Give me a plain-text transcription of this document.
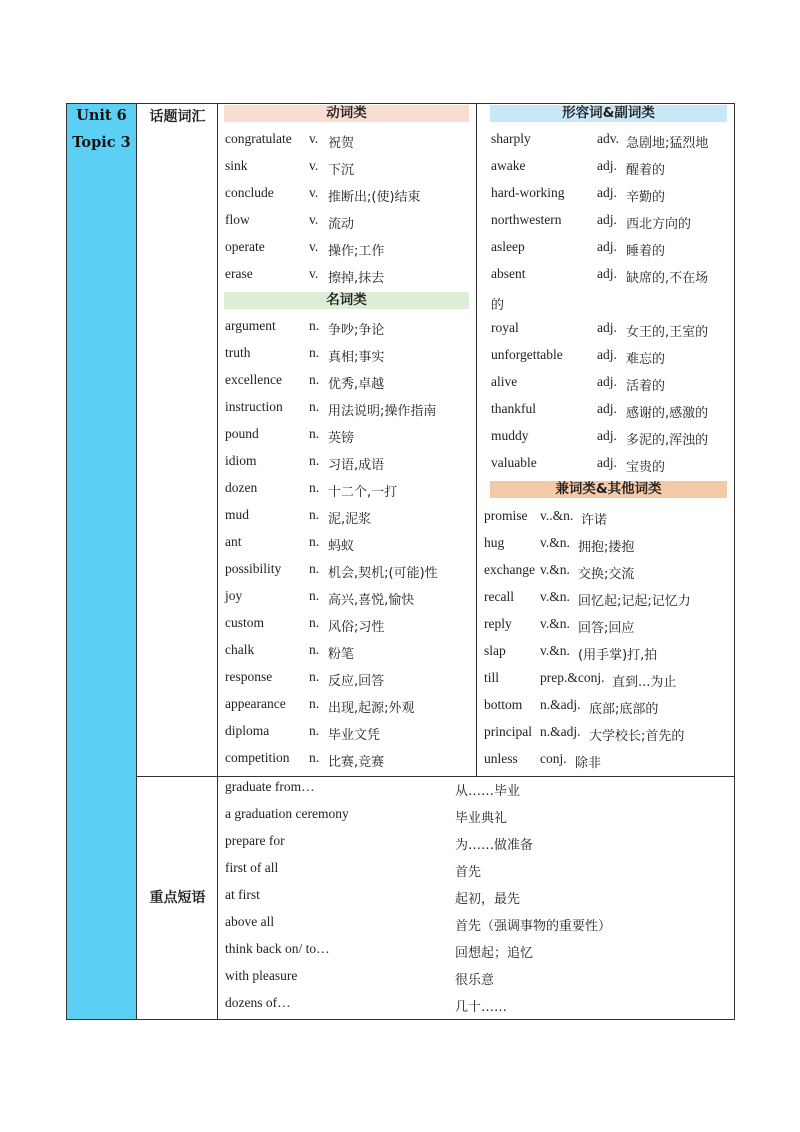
Unit 6
Topic 3
话题词汇
重点短语
动词类
名词类
形容词&副词类
兼词类&其他词类
congratulate v. 祝贺
sink	v. 下沉
conclude	v. 推断出;(使)结束
flow	v. 流动
operate	v. 操作;工作
erase	v. 擦掉,抹去
argument n. 争吵;争论
truth	n. 真相;事实
excellence n. 优秀,卓越
instruction n. 用法说明;操作指南
pound	n. 英镑
idiom	n. 习语,成语
dozen	n. 十二个,一打
mud	n. 泥,泥浆
ant	n. 蚂蚁
possibility n. 机会,契机;(可能)性
joy	n. 高兴,喜悦,愉快
custom	n. 风俗;习性
chalk	n. 粉笔
response	n. 反应,回答
appearance n. 出现,起源;外观
diploma	n. 毕业文凭
competition n. 比赛,竞赛
sharply	adv. 急剧地;猛烈地
awake	adj. 醒着的
hard-working adj. 辛勤的
northwestern	adj. 西北方向的
asleep	adj. 睡着的
absent	adj. 缺席的,不在场
的
royal	adj. 女王的,王室的
unforgettable	adj. 难忘的
alive	adj. 活着的
thankful	adj. 感谢的,感激的
muddy	adj. 多泥的,浑浊的
valuable	adj. 宝贵的
promise v..&n. 许诺
hug	v.&n. 拥抱;搂抱
exchange v.&n. 交换;交流
recall v.&n. 回忆起;记起;记忆力
reply v.&n. 回答;回应
slap	v.&n. (用手掌)打,拍
till	prep.&conj. 直到...为止
bottom n.&adj. 底部;底部的
principal n.&adj. 大学校长;首先的
unless conj. 除非
graduate from…	从……毕业
a graduation ceremony	毕业典礼
prepare for	为……做准备
first of all	首先
at first	起初，最先
above all	首先（强调事物的重要性）
think back on/ to…	回想起；追忆
with pleasure	很乐意
dozens of…	几十……
